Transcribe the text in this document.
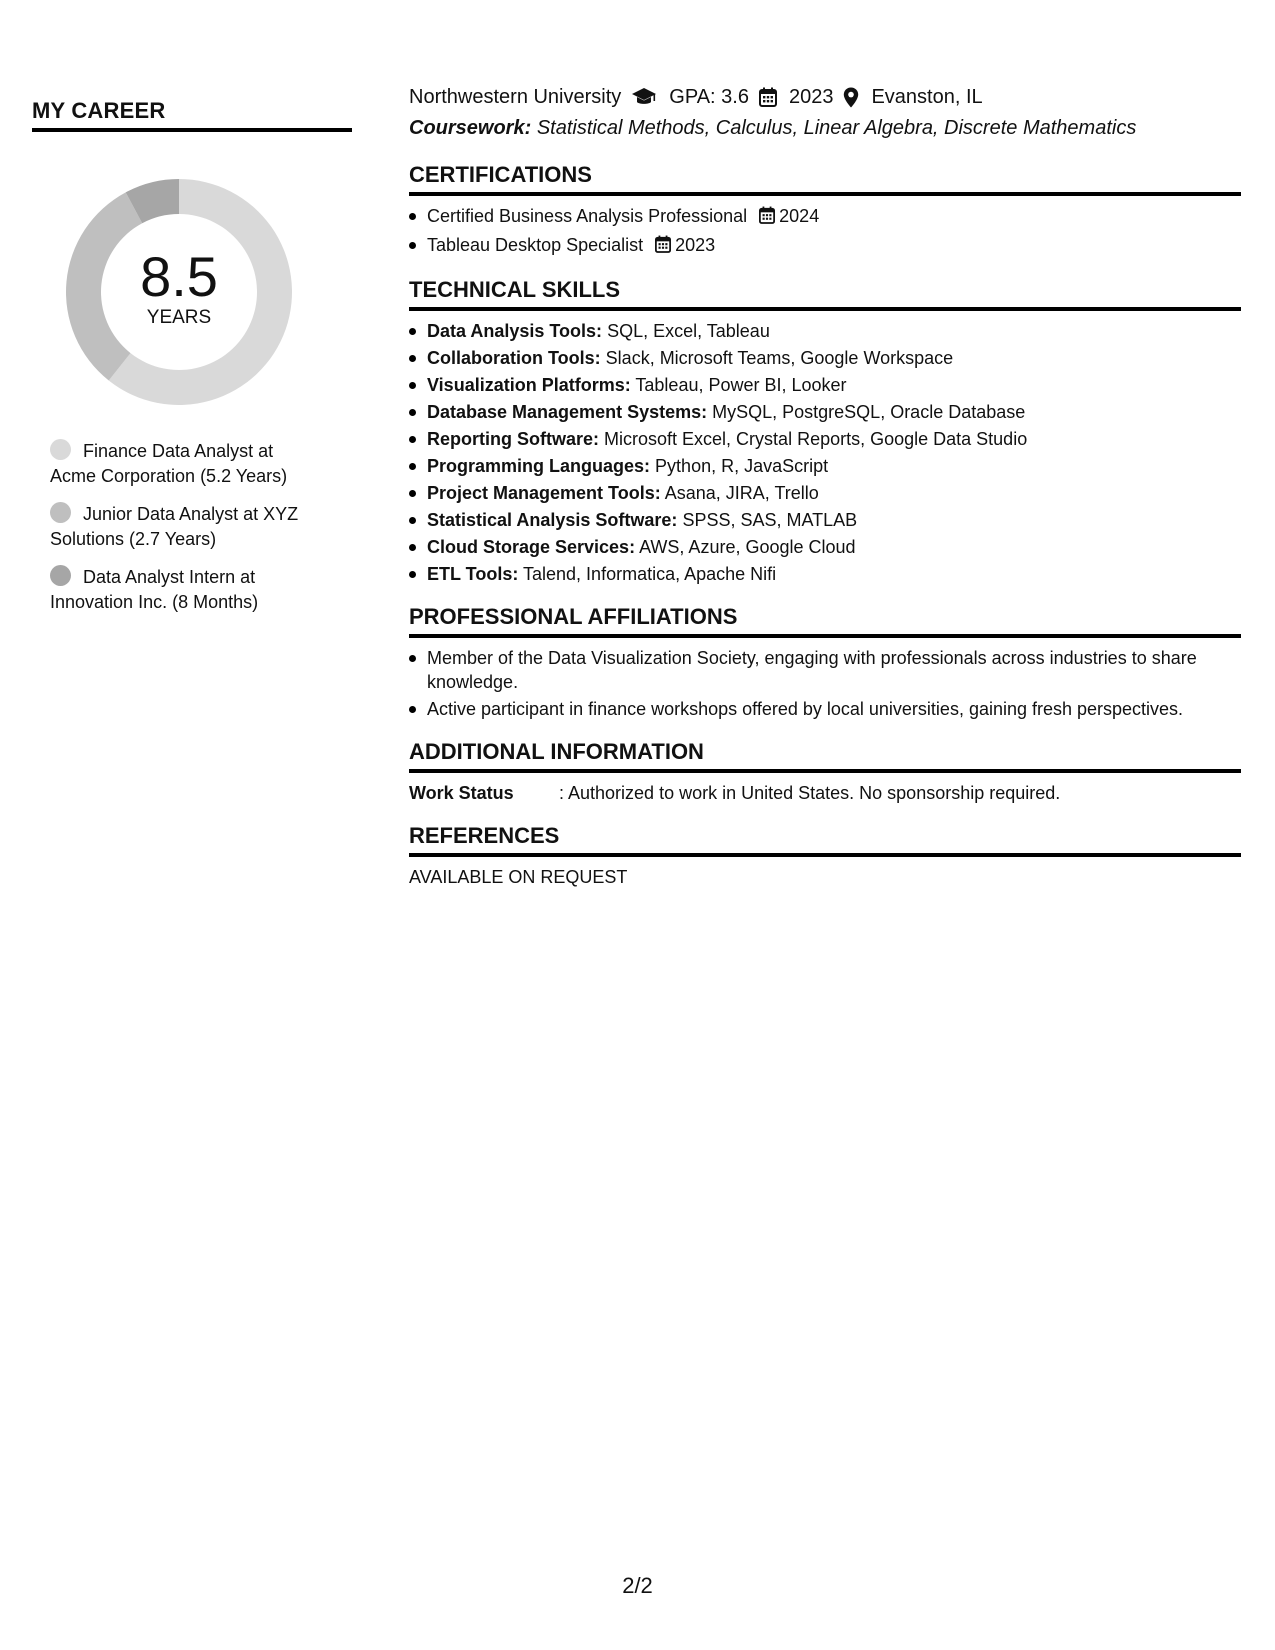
MY CAREER
8.5
YEARS
Finance Data Analyst at Acme Corporation (5.2 Years)
Junior Data Analyst at XYZ Solutions (2.7 Years)
Data Analyst Intern at Innovation Inc. (8 Months)
Northwestern University GPA: 3.6 2023 Evanston, IL
Coursework: Statistical Methods, Calculus, Linear Algebra, Discrete Mathematics
CERTIFICATIONS
Certified Business Analysis Professional 2024
Tableau Desktop Specialist 2023
TECHNICAL SKILLS
Data Analysis Tools: SQL, Excel, Tableau
Collaboration Tools: Slack, Microsoft Teams, Google Workspace
Visualization Platforms: Tableau, Power BI, Looker
Database Management Systems: MySQL, PostgreSQL, Oracle Database
Reporting Software: Microsoft Excel, Crystal Reports, Google Data Studio
Programming Languages: Python, R, JavaScript
Project Management Tools: Asana, JIRA, Trello
Statistical Analysis Software: SPSS, SAS, MATLAB
Cloud Storage Services: AWS, Azure, Google Cloud
ETL Tools: Talend, Informatica, Apache Nifi
PROFESSIONAL AFFILIATIONS
Member of the Data Visualization Society, engaging with professionals across industries to share knowledge.
Active participant in finance workshops offered by local universities, gaining fresh perspectives.
ADDITIONAL INFORMATION
Work Status	: Authorized to work in United States. No sponsorship required.
REFERENCES
AVAILABLE ON REQUEST
2/2
